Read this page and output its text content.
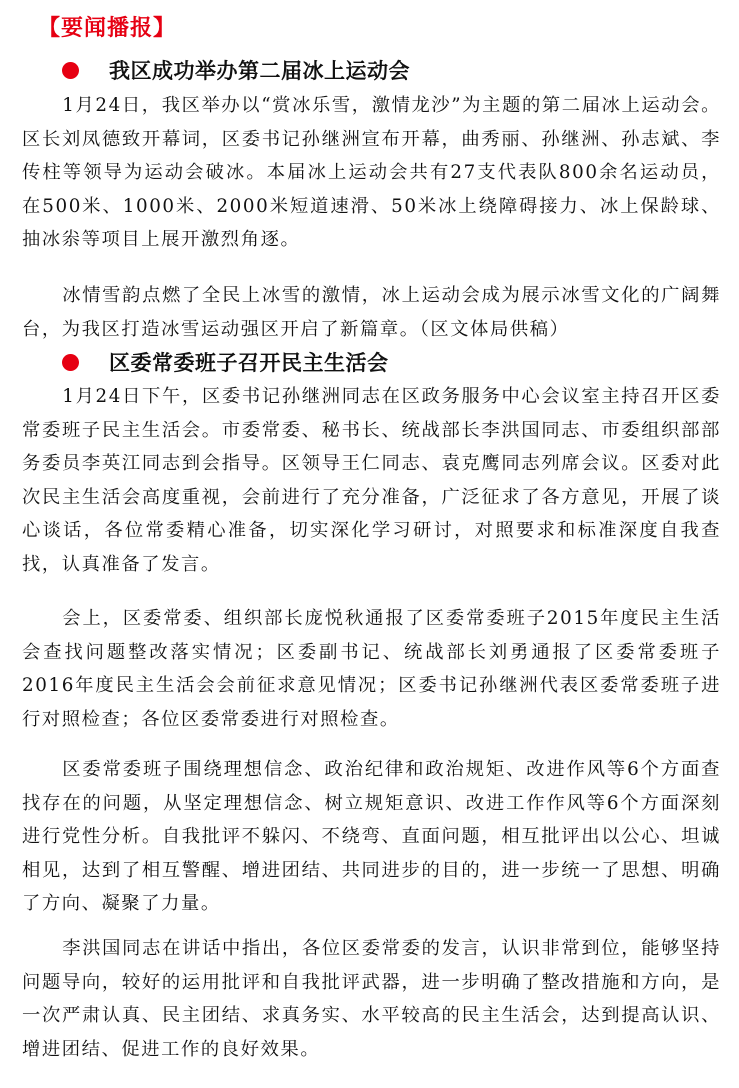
【要闻播报】
我区成功举办第二届冰上运动会

1月24日，我区举办以“赏冰乐雪，激情龙沙”为主题的第二届冰上运动会。区长刘凤德致开幕词，区委书记孙继洲宣布开幕，曲秀丽、孙继洲、孙志斌、李传柱等领导为运动会破冰。本届冰上运动会共有27支代表队800余名运动员，在500米、1000米、2000米短道速滑、50米冰上绕障碍接力、冰上保龄球、抽冰尜等项目上展开激烈角逐。

冰情雪韵点燃了全民上冰雪的激情，冰上运动会成为展示冰雪文化的广阔舞台，为我区打造冰雪运动强区开启了新篇章。（区文体局供稿）

区委常委班子召开民主生活会

1月24日下午，区委书记孙继洲同志在区政务服务中心会议室主持召开区委常委班子民主生活会。市委常委、秘书长、统战部长李洪国同志、市委组织部部务委员李英江同志到会指导。区领导王仁同志、袁克鹰同志列席会议。区委对此次民主生活会高度重视，会前进行了充分准备，广泛征求了各方意见，开展了谈心谈话，各位常委精心准备，切实深化学习研讨，对照要求和标准深度自我查找，认真准备了发言。

会上，区委常委、组织部长庞悦秋通报了区委常委班子2015年度民主生活会查找问题整改落实情况；区委副书记、统战部长刘勇通报了区委常委班子2016年度民主生活会会前征求意见情况；区委书记孙继洲代表区委常委班子进行对照检查；各位区委常委进行对照检查。

区委常委班子围绕理想信念、政治纪律和政治规矩、改进作风等6个方面查找存在的问题，从坚定理想信念、树立规矩意识、改进工作作风等6个方面深刻进行党性分析。自我批评不躲闪、不绕弯、直面问题，相互批评出以公心、坦诚相见，达到了相互警醒、增进团结、共同进步的目的，进一步统一了思想、明确了方向、凝聚了力量。

李洪国同志在讲话中指出，各位区委常委的发言，认识非常到位，能够坚持问题导向，较好的运用批评和自我批评武器，进一步明确了整改措施和方向，是一次严肃认真、民主团结、求真务实、水平较高的民主生活会，达到提高认识、增进团结、促进工作的良好效果。
